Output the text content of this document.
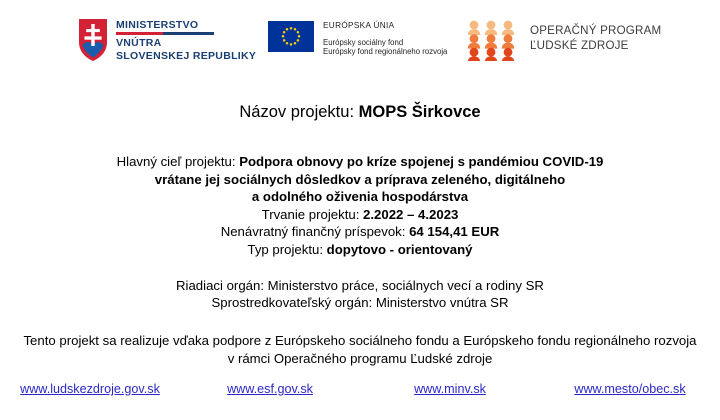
MINISTERSTVO
VNÚTRA
SLOVENSKEJ REPUBLIKY
EURÓPSKA ÚNIA
Európsky sociálny fond
Európsky fond regionálneho rozvoja
OPERAČNÝ PROGRAM
ĽUDSKÉ ZDROJE
Názov projektu: MOPS Širkovce
Hlavný cieľ projektu: Podpora obnovy po kríze spojenej s pandémiou COVID-19
vrátane jej sociálnych dôsledkov a príprava zeleného, digitálneho
a odolného oživenia hospodárstva
Trvanie projektu: 2.2022 – 4.2023
Nenávratný finančný príspevok: 64 154,41 EUR
Typ projektu: dopytovo - orientovaný
Riadiaci orgán: Ministerstvo práce, sociálnych vecí a rodiny SR
Sprostredkovateľský orgán: Ministerstvo vnútra SR
Tento projekt sa realizuje vďaka podpore z Európskeho sociálneho fondu a Európskeho fondu regionálneho rozvoja
v rámci Operačného programu Ľudské zdroje
www.ludskezdroje.gov.sk	www.esf.gov.sk	www.minv.sk	www.mesto/obec.sk
